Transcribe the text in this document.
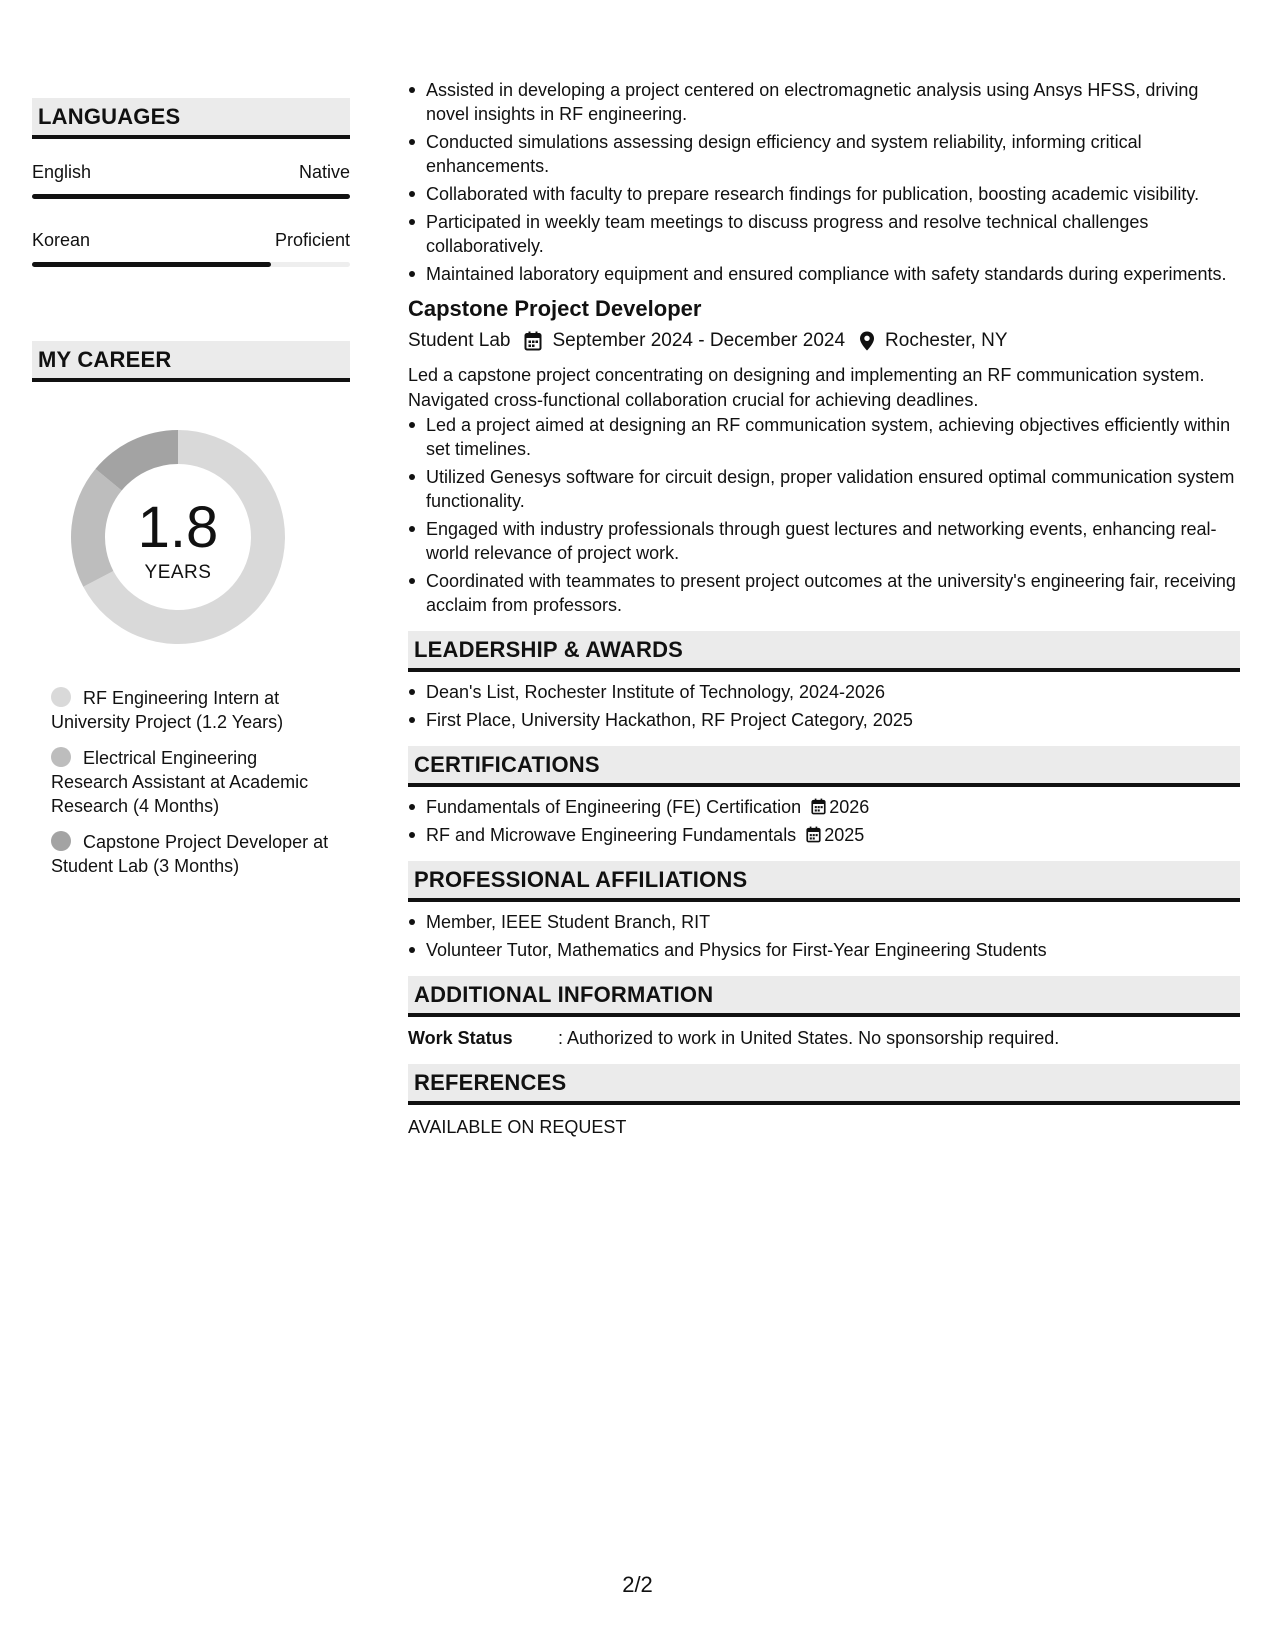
LANGUAGES
English	Native
Korean	Proficient
MY CAREER
1.8
YEARS
RF Engineering Intern at University Project (1.2 Years)
Electrical Engineering Research Assistant at Academic Research (4 Months)
Capstone Project Developer at Student Lab (3 Months)
Assisted in developing a project centered on electromagnetic analysis using Ansys HFSS, driving novel insights in RF engineering.
Conducted simulations assessing design efficiency and system reliability, informing critical enhancements.
Collaborated with faculty to prepare research findings for publication, boosting academic visibility.
Participated in weekly team meetings to discuss progress and resolve technical challenges collaboratively.
Maintained laboratory equipment and ensured compliance with safety standards during experiments.
Capstone Project Developer
Student Lab September 2024 - December 2024 Rochester, NY
Led a capstone project concentrating on designing and implementing an RF communication system. Navigated cross-functional collaboration crucial for achieving deadlines.
Led a project aimed at designing an RF communication system, achieving objectives efficiently within set timelines.
Utilized Genesys software for circuit design, proper validation ensured optimal communication system functionality.
Engaged with industry professionals through guest lectures and networking events, enhancing real-world relevance of project work.
Coordinated with teammates to present project outcomes at the university's engineering fair, receiving acclaim from professors.
LEADERSHIP & AWARDS
Dean's List, Rochester Institute of Technology, 2024-2026
First Place, University Hackathon, RF Project Category, 2025
CERTIFICATIONS
Fundamentals of Engineering (FE) Certification 2026
RF and Microwave Engineering Fundamentals 2025
PROFESSIONAL AFFILIATIONS
Member, IEEE Student Branch, RIT
Volunteer Tutor, Mathematics and Physics for First-Year Engineering Students
ADDITIONAL INFORMATION
Work Status	: Authorized to work in United States. No sponsorship required.
REFERENCES
AVAILABLE ON REQUEST
2/2
